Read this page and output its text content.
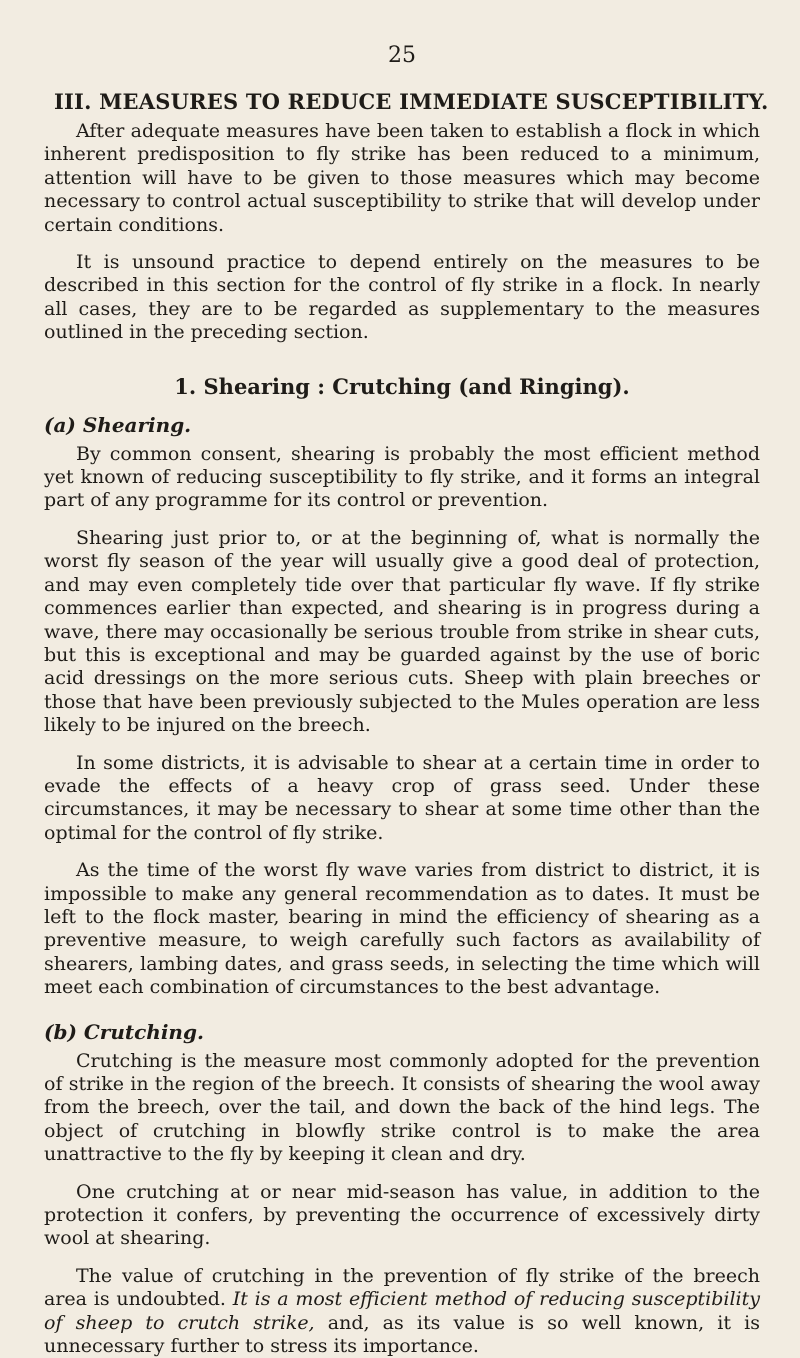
25
III. MEASURES TO REDUCE IMMEDIATE SUSCEPTIBILITY.

After adequate measures have been taken to establish a flock in which inherent predisposition to fly strike has been reduced to a minimum, attention will have to be given to those measures which may become necessary to control actual susceptibility to strike that will develop under certain conditions.

It is unsound practice to depend entirely on the measures to be described in this section for the control of fly strike in a flock. In nearly all cases, they are to be regarded as supplementary to the measures outlined in the preceding section.

1. Shearing : Crutching (and Ringing).
(a) Shearing.

By common consent, shearing is probably the most efficient method yet known of reducing susceptibility to fly strike, and it forms an integral part of any programme for its control or prevention.

Shearing just prior to, or at the beginning of, what is normally the worst fly season of the year will usually give a good deal of protection, and may even completely tide over that particular fly wave. If fly strike commences earlier than expected, and shearing is in progress during a wave, there may occasionally be serious trouble from strike in shear cuts, but this is exceptional and may be guarded against by the use of boric acid dressings on the more serious cuts. Sheep with plain breeches or those that have been previously subjected to the Mules operation are less likely to be injured on the breech.

In some districts, it is advisable to shear at a certain time in order to evade the effects of a heavy crop of grass seed. Under these circumstances, it may be necessary to shear at some time other than the optimal for the control of fly strike.

As the time of the worst fly wave varies from district to district, it is impossible to make any general recommendation as to dates. It must be left to the flock master, bearing in mind the efficiency of shearing as a preventive measure, to weigh carefully such factors as availability of shearers, lambing dates, and grass seeds, in selecting the time which will meet each combination of circumstances to the best advantage.

(b) Crutching.

Crutching is the measure most commonly adopted for the prevention of strike in the region of the breech. It consists of shearing the wool away from the breech, over the tail, and down the back of the hind legs. The object of crutching in blowfly strike control is to make the area unattractive to the fly by keeping it clean and dry.

One crutching at or near mid-season has value, in addition to the protection it confers, by preventing the occurrence of excessively dirty wool at shearing.

The value of crutching in the prevention of fly strike of the breech area is undoubted. It is a most efficient method of reducing susceptibility of sheep to crutch strike, and, as its value is so well known, it is unnecessary further to stress its importance.
